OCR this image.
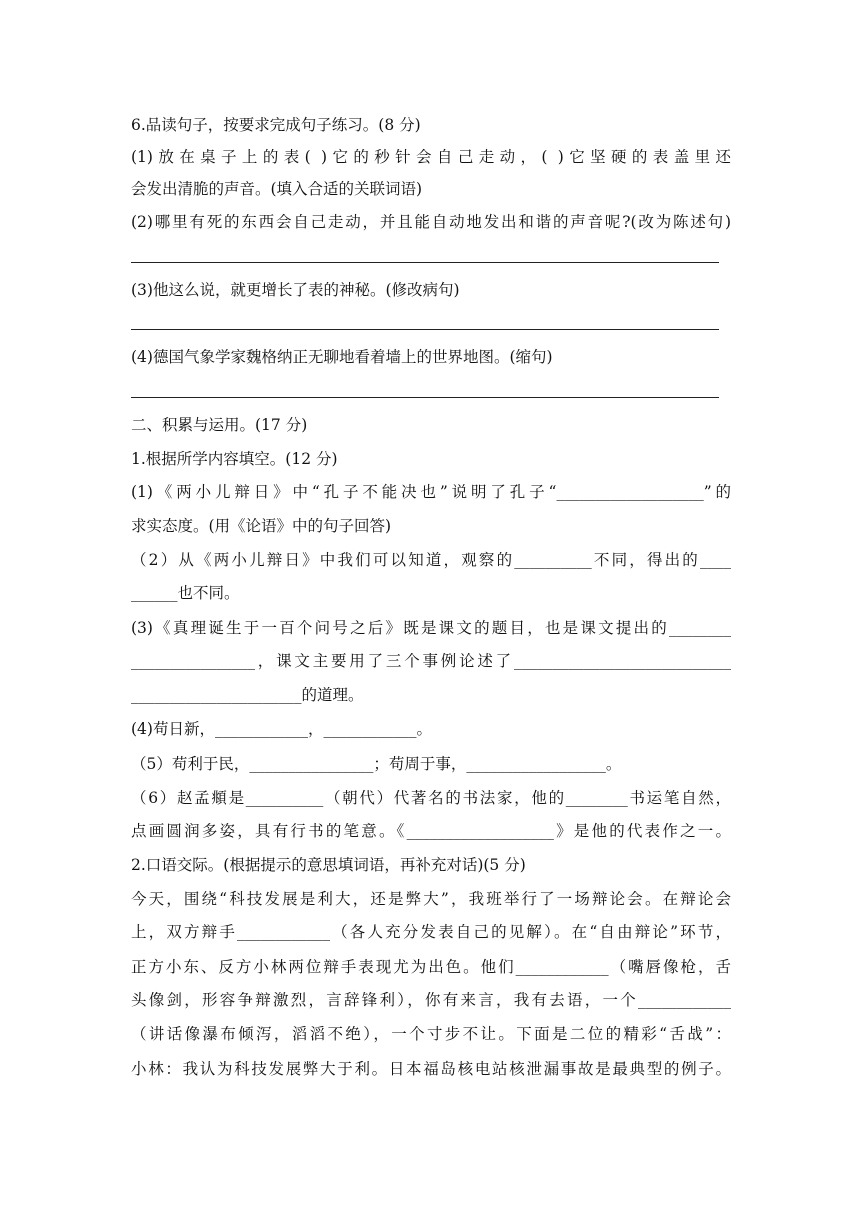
6.品读句子，按要求完成句子练习。(8 分)
(1)放在桌子上的表( )它的秒针会自己走动，( )它坚硬的表盖里还
会发出清脆的声音。(填入合适的关联词语)
(2)哪里有死的东西会自己走动，并且能自动地发出和谐的声音呢?(改为陈述句)
(3)他这么说，就更增长了表的神秘。(修改病句)
(4)德国气象学家魏格纳正无聊地看着墙上的世界地图。(缩句)
二、积累与运用。(17 分)
1.根据所学内容填空。(12 分)
(1)《两小儿辩日》中“孔子不能决也”说明了孔子“___________________”的
求实态度。(用《论语》中的句子回答)
（2）从《两小儿辩日》中我们可以知道，观察的__________不同，得出的____
______也不同。
(3)《真理诞生于一百个问号之后》既是课文的题目，也是课文提出的________
________________，课文主要用了三个事例论述了____________________________
______________________的道理。
(4)苟日新，____________，____________。
（5）苟利于民，________________；苟周于事，__________________。
（6）赵孟頫是__________（朝代）代著名的书法家，他的________书运笔自然，
点画圆润多姿，具有行书的笔意。《___________________》是他的代表作之一。
2.口语交际。(根据提示的意思填词语，再补充对话)(5 分)
今天，围绕“科技发展是利大，还是弊大”，我班举行了一场辩论会。在辩论会
上，双方辩手____________（各人充分发表自己的见解）。在“自由辩论”环节，
正方小东、反方小林两位辩手表现尤为出色。他们____________（嘴唇像枪，舌
头像剑，形容争辩激烈，言辞锋利），你有来言，我有去语，一个____________
（讲话像瀑布倾泻，滔滔不绝），一个寸步不让。下面是二位的精彩“舌战”：
小林：我认为科技发展弊大于利。日本福岛核电站核泄漏事故是最典型的例子。
